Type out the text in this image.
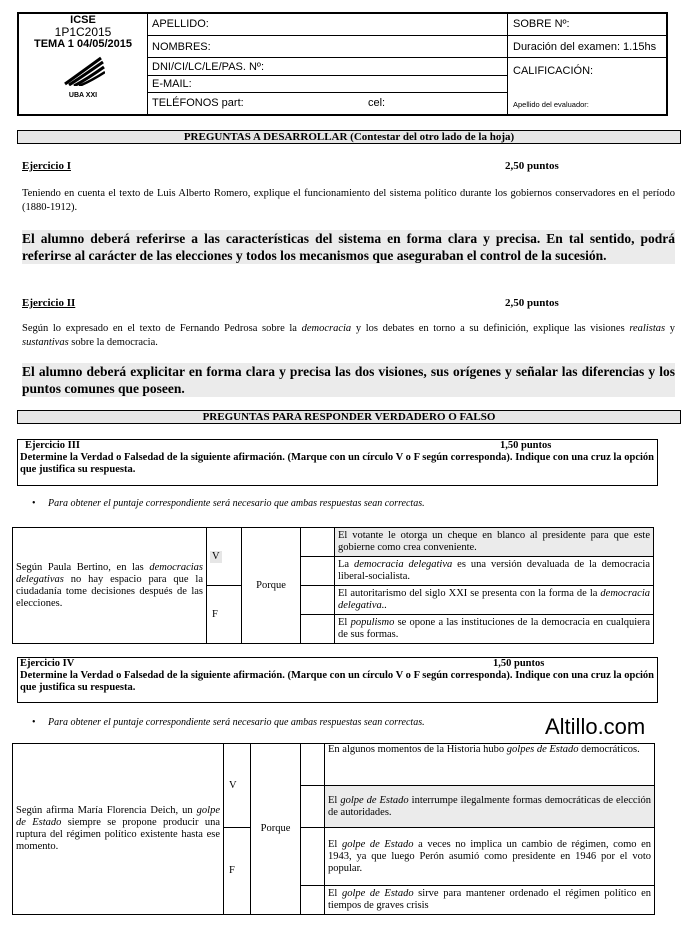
ICSE
1P1C2015
TEMA 1 04/05/2015
UBA XXI
APELLIDO:
NOMBRES:
DNI/CI/LC/LE/PAS. Nº:
E-MAIL:
TELÉFONOS part:	cel:
SOBRE Nº:
Duración del examen: 1.15hs
CALIFICACIÓN:
Apellido del evaluador:
PREGUNTAS A DESARROLLAR (Contestar del otro lado de la hoja)
Ejercicio I	2,50 puntos
Teniendo en cuenta el texto de Luis Alberto Romero, explique el funcionamiento del sistema político durante los gobiernos conservadores en el período (1880-1912).
El alumno deberá referirse a las características del sistema en forma clara y precisa. En tal sentido, podrá referirse al carácter de las elecciones y todos los mecanismos que aseguraban el control de la sucesión.
Ejercicio II	2,50 puntos
Según lo expresado en el texto de Fernando Pedrosa sobre la democracia y los debates en torno a su definición, explique las visiones realistas y sustantivas sobre la democracia.
El alumno deberá explicitar en forma clara y precisa las dos visiones, sus orígenes y señalar las diferencias y los puntos comunes que poseen.
PREGUNTAS PARA RESPONDER VERDADERO O FALSO
Ejercicio III	1,50 puntos
Determine la Verdad o Falsedad de la siguiente afirmación. (Marque con un círculo V o F según corresponda). Indique con una cruz la opción que justifica su respuesta.
• Para obtener el puntaje correspondiente será necesario que ambas respuestas sean correctas.
Según Paula Bertino, en las democracias delegativas no hay espacio para que la ciudadanía tome decisiones después de las elecciones.	V	Porque		El votante le otorga un cheque en blanco al presidente para que este gobierne como crea conveniente.
				La democracia delegativa es una versión devaluada de la democracia liberal-socialista.
	F			El autoritarismo del siglo XXI se presenta con la forma de la democracia delegativa..
				El populismo se opone a las instituciones de la democracia en cualquiera de sus formas.
Ejercicio IV	1,50 puntos
Determine la Verdad o Falsedad de la siguiente afirmación. (Marque con un círculo V o F según corresponda). Indique con una cruz la opción que justifica su respuesta.
• Para obtener el puntaje correspondiente será necesario que ambas respuestas sean correctas.
Según afirma María Florencia Deich, un golpe de Estado siempre se propone producir una ruptura del régimen político existente hasta ese momento.	V	Porque		En algunos momentos de la Historia hubo golpes de Estado democráticos.
				El golpe de Estado interrumpe ilegalmente formas democráticas de elección de autoridades.
	F			El golpe de Estado a veces no implica un cambio de régimen, como en 1943, ya que luego Perón asumió como presidente en 1946 por el voto popular.
				El golpe de Estado sirve para mantener ordenado el régimen político en tiempos de graves crisis
Altillo.com
